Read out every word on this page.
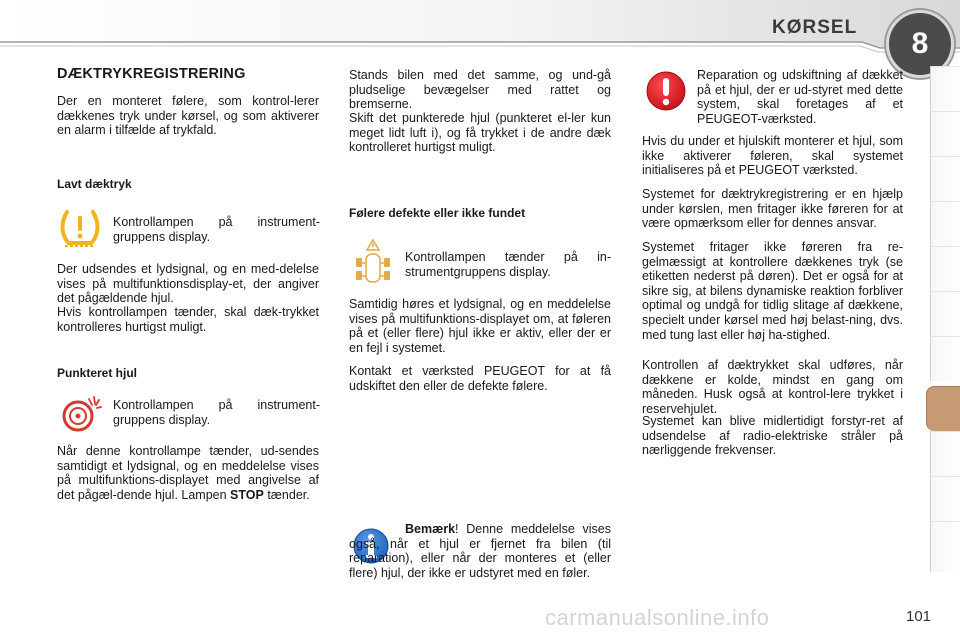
KØRSEL	8
DÆKTRYKREGISTRERING

Der en monteret følere, som kontrol-lerer dækkenes tryk under kørsel, og som aktiverer en alarm i tilfælde af trykfald.

Lavt dæktryk

Kontrollampen på instrument-gruppens display.

Der udsendes et lydsignal, og en med-delelse vises på multifunktionsdisplay-et, der angiver det pågældende hjul.

Hvis kontrollampen tænder, skal dæk-trykket kontrolleres hurtigst muligt.

Punkteret hjul

Kontrollampen på instrument-gruppens display.

Når denne kontrollampe tænder, ud-sendes samtidigt et lydsignal, og en meddelelse vises på multifunktions-displayet med angivelse af det pågæl-dende hjul. Lampen STOP tænder.

Stands bilen med det samme, og und-gå pludselige bevægelser med rattet og bremserne.

Skift det punkterede hjul (punkteret el-ler kun meget lidt luft i), og få trykket i de andre dæk kontrolleret hurtigst muligt.

Følere defekte eller ikke fundet

Kontrollampen tænder på in-strumentgruppens display.

Samtidig høres et lydsignal, og en meddelelse vises på multifunktions-displayet om, at føleren på et (eller flere) hjul ikke er aktiv, eller der er en fejl i systemet.

Kontakt et værksted PEUGEOT for at få udskiftet den eller de defekte følere.

Bemærk! Denne meddelelse vises også, når et hjul er fjernet fra bilen (til reparation), eller når der monteres et (eller flere) hjul, der ikke er udstyret med en føler.

Reparation og udskiftning af dækket på et hjul, der er ud-styret med dette system, skal foretages af et PEUGEOT-værksted.

Hvis du under et hjulskift monterer et hjul, som ikke aktiverer føleren, skal systemet initialiseres på et PEUGEOT værksted.

Systemet for dæktrykregistrering er en hjælp under kørslen, men fritager ikke føreren for at være opmærksom eller for dennes ansvar.

Systemet fritager ikke føreren fra re-gelmæssigt at kontrollere dækkenes tryk (se etiketten nederst på døren). Det er også for at sikre sig, at bilens dynamiske reaktion forbliver optimal og undgå for tidlig slitage af dækkene, specielt under kørsel med høj belast-ning, dvs. med tung last eller høj ha-stighed.

Kontrollen af dæktrykket skal udføres, når dækkene er kolde, mindst en gang om måneden. Husk også at kontrol-lere trykket i reservehjulet.

Systemet kan blive midlertidigt forstyr-ret af udsendelse af radio-elektriske stråler på nærliggende frekvenser.

carmanualsonline.info	101
